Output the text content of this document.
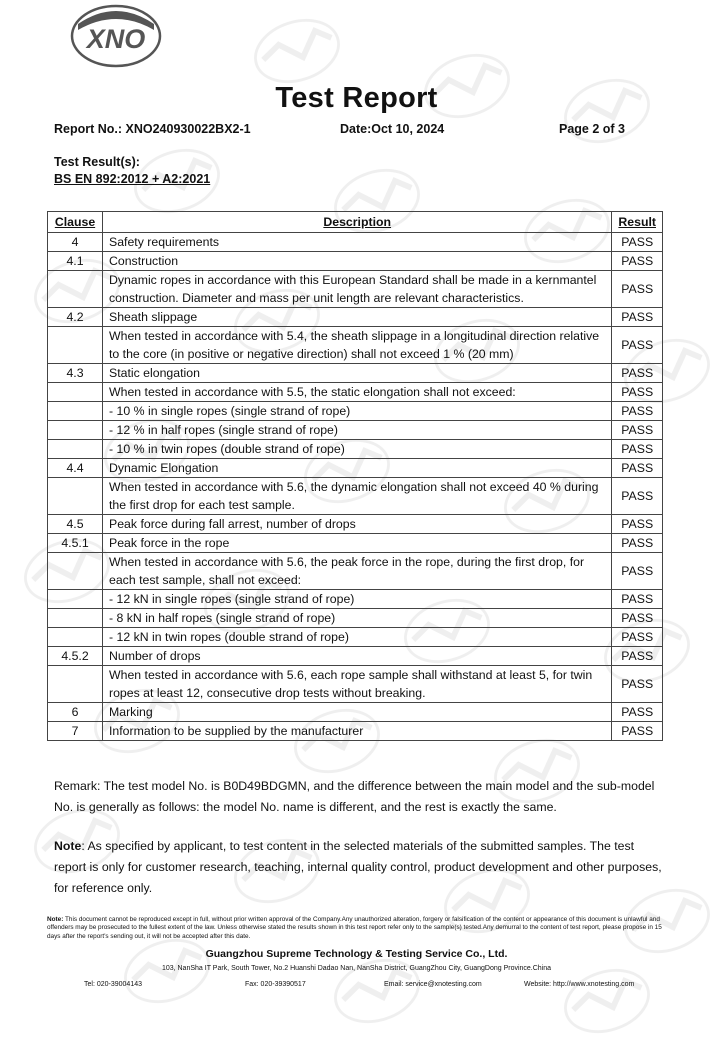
XNO
Test Report
Report No.: XNO240930022BX2-1	Date:Oct 10, 2024	Page 2 of 3
Test Result(s):
BS EN 892:2012 + A2:2021
Clause	Description	Result
4	Safety requirements	PASS
4.1	Construction	PASS
	Dynamic ropes in accordance with this European Standard shall be made in a kernmantel construction. Diameter and mass per unit length are relevant characteristics.	PASS
4.2	Sheath slippage	PASS
	When tested in accordance with 5.4, the sheath slippage in a longitudinal direction relative to the core (in positive or negative direction) shall not exceed 1 % (20 mm)	PASS
4.3	Static elongation	PASS
	When tested in accordance with 5.5, the static elongation shall not exceed:	PASS
	- 10 % in single ropes (single strand of rope)	PASS
	- 12 % in half ropes (single strand of rope)	PASS
	- 10 % in twin ropes (double strand of rope)	PASS
4.4	Dynamic Elongation	PASS
	When tested in accordance with 5.6, the dynamic elongation shall not exceed 40 % during the first drop for each test sample.	PASS
4.5	Peak force during fall arrest, number of drops	PASS
4.5.1	Peak force in the rope	PASS
	When tested in accordance with 5.6, the peak force in the rope, during the first drop, for each test sample, shall not exceed:	PASS
	- 12 kN in single ropes (single strand of rope)	PASS
	- 8 kN in half ropes (single strand of rope)	PASS
	- 12 kN in twin ropes (double strand of rope)	PASS
4.5.2	Number of drops	PASS
	When tested in accordance with 5.6, each rope sample shall withstand at least 5, for twin ropes at least 12, consecutive drop tests without breaking.	PASS
6	Marking	PASS
7	Information to be supplied by the manufacturer	PASS
Remark: The test model No. is B0D49BDGMN, and the difference between the main model and the sub-model No. is generally as follows: the model No. name is different, and the rest is exactly the same.
Note: As specified by applicant, to test content in the selected materials of the submitted samples. The test report is only for customer research, teaching, internal quality control, product development and other purposes, for reference only.
Note: This document cannot be reproduced except in full, without prior written approval of the Company.Any unauthorized alteration, forgery or falsification of the content or appearance of this document is unlawful and offenders may be prosecuted to the fullest extent of the law. Unless otherwise stated the results shown in this test report refer only to the sample(s) tested.Any demurral to the content of test report, please propose in 15 days after the report's sending out, it will not be accepted after this date.
Guangzhou Supreme Technology & Testing Service Co., Ltd.
103, NanSha IT Park, South Tower, No.2 Huanshi Dadao Nan, NanSha District, GuangZhou City, GuangDong Province.China
Tel: 020-39004143	Fax: 020-39390517	Email: service@xnotesting.com	Website: http://www.xnotesting.com
